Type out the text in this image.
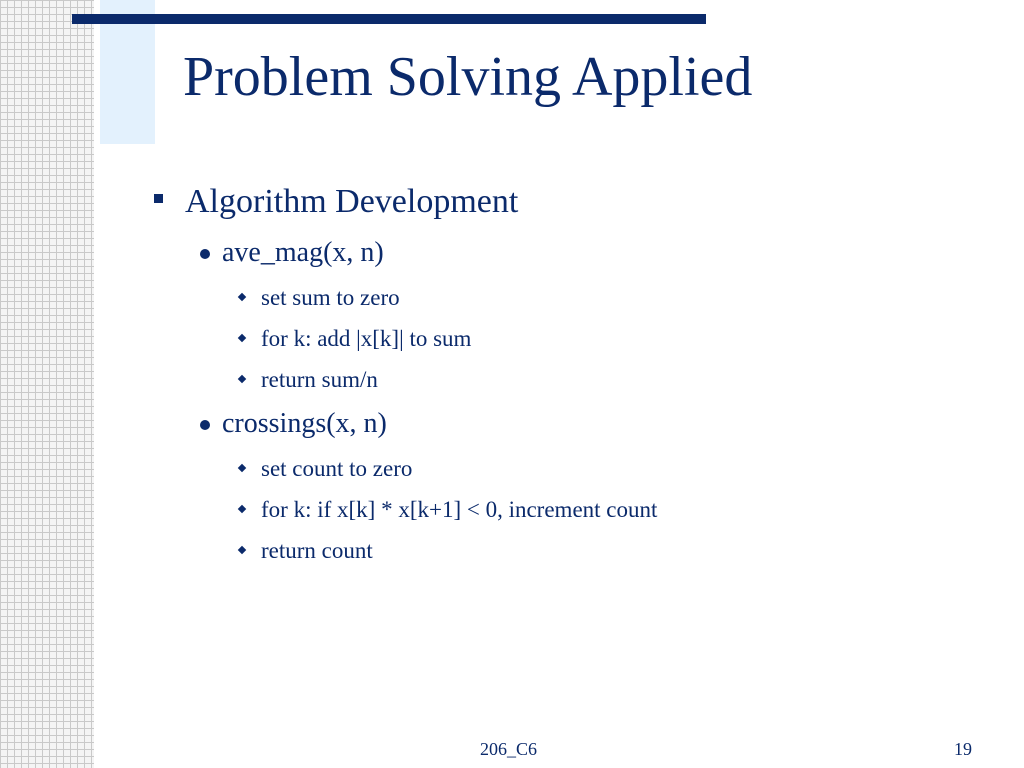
Problem Solving Applied
Algorithm Development
ave_mag(x, n)
set sum to zero
for k: add |x[k]| to sum
return sum/n
crossings(x, n)
set count to zero
for k: if x[k] * x[k+1] < 0, increment count
return count
206_C6	19
